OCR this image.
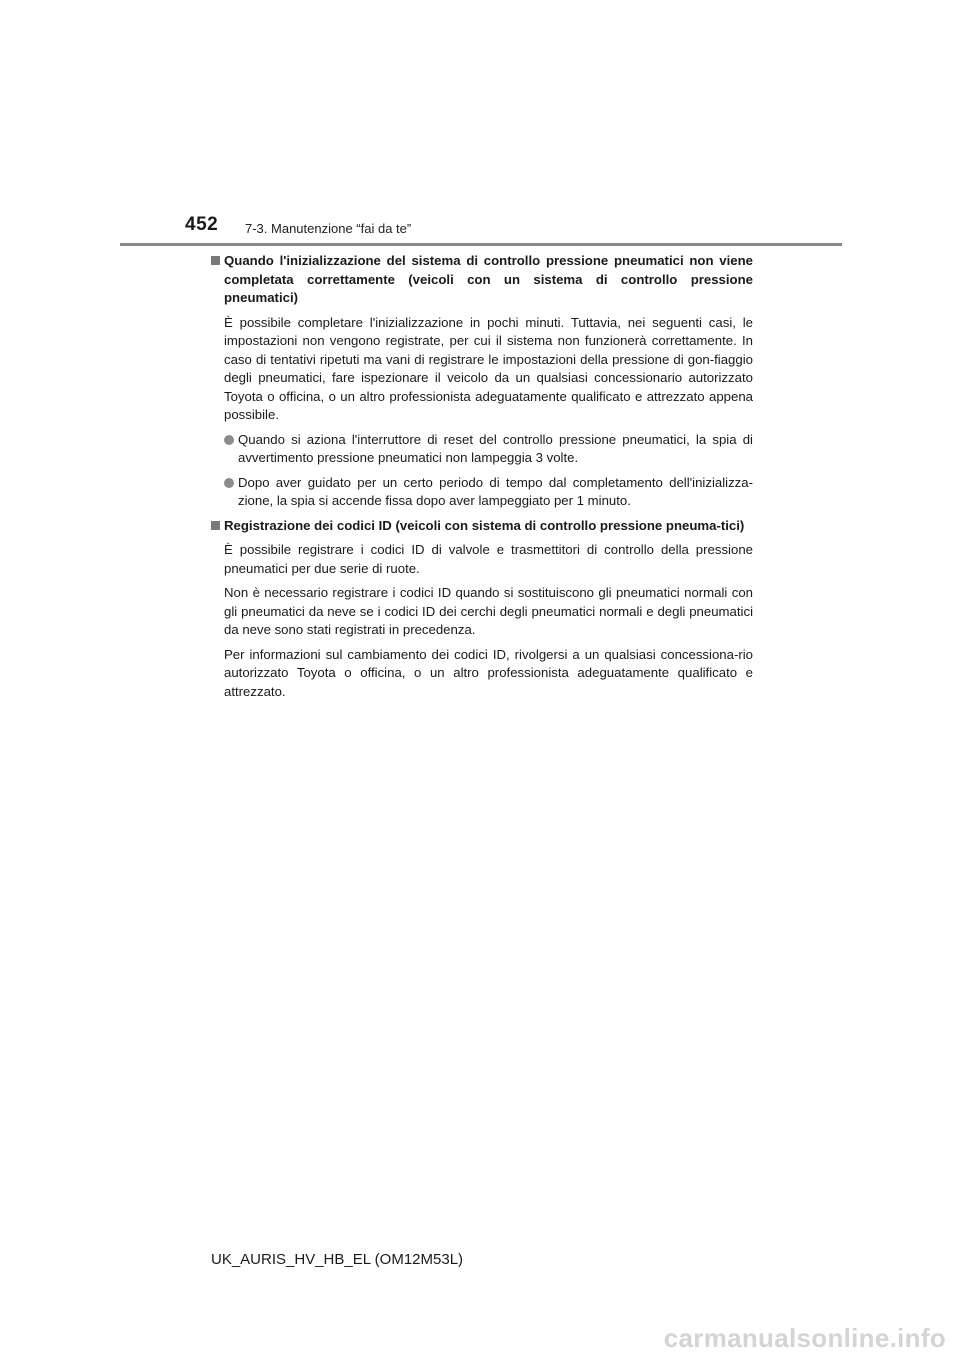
452 7-3. Manutenzione “fai da te”

Quando l'inizializzazione del sistema di controllo pressione pneumatici non viene completata correttamente (veicoli con un sistema di controllo pressione pneumatici)

È possibile completare l'inizializzazione in pochi minuti. Tuttavia, nei seguenti casi, le impostazioni non vengono registrate, per cui il sistema non funzionerà correttamente. In caso di tentativi ripetuti ma vani di registrare le impostazioni della pressione di gon-fiaggio degli pneumatici, fare ispezionare il veicolo da un qualsiasi concessionario autorizzato Toyota o officina, o un altro professionista adeguatamente qualificato e attrezzato appena possibile.

Quando si aziona l'interruttore di reset del controllo pressione pneumatici, la spia di avvertimento pressione pneumatici non lampeggia 3 volte.
Dopo aver guidato per un certo periodo di tempo dal completamento dell'inizializza-zione, la spia si accende fissa dopo aver lampeggiato per 1 minuto.

Registrazione dei codici ID (veicoli con sistema di controllo pressione pneuma-tici)

È possibile registrare i codici ID di valvole e trasmettitori di controllo della pressione pneumatici per due serie di ruote.

Non è necessario registrare i codici ID quando si sostituiscono gli pneumatici normali con gli pneumatici da neve se i codici ID dei cerchi degli pneumatici normali e degli pneumatici da neve sono stati registrati in precedenza.

Per informazioni sul cambiamento dei codici ID, rivolgersi a un qualsiasi concessiona-rio autorizzato Toyota o officina, o un altro professionista adeguatamente qualificato e attrezzato.

UK_AURIS_HV_HB_EL (OM12M53L)
carmanualsonline.info
